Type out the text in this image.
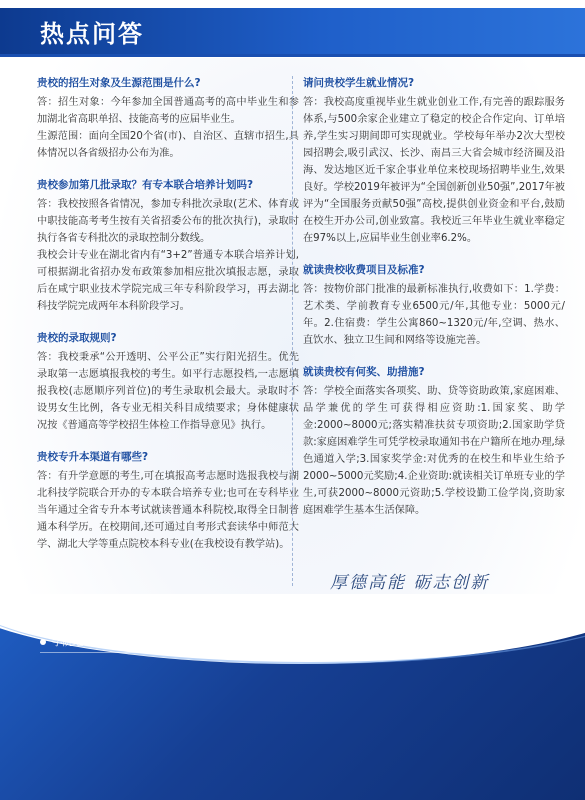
热点问答
贵校的招生对象及生源范围是什么?

答：招生对象：今年参加全国普通高考的高中毕业生和参加湖北省高职单招、技能高考的应届毕业生。

生源范围：面向全国20个省(市)、自治区、直辖市招生,具体情况以各省级招办公布为准。

贵校参加第几批录取？有专本联合培养计划吗?

答：我校按照各省情况，参加专科批次录取(艺术、体育或中职技能高考考生按有关省招委公布的批次执行)，录取时执行各省专科批次的录取控制分数线。

我校会计专业在湖北省内有“3+2”普通专本联合培养计划,可根据湖北省招办发布政策参加相应批次填报志愿，录取后在咸宁职业技术学院完成三年专科阶段学习，再去湖北科技学院完成两年本科阶段学习。

贵校的录取规则?

答：我校秉承“公开透明、公平公正”实行阳光招生。优先录取第一志愿填报我校的考生。如平行志愿投档,一志愿填报我校(志愿顺序列首位)的考生录取机会最大。录取时不设男女生比例，各专业无相关科目成绩要求；身体健康状况按《普通高等学校招生体检工作指导意见》执行。

贵校专升本渠道有哪些?

答：有升学意愿的考生,可在填报高考志愿时选报我校与湖北科技学院联合开办的专本联合培养专业;也可在专科毕业当年通过全省专升本考试就读普通本科院校,取得全日制普通本科学历。在校期间,还可通过自考形式套读华中师范大学、湖北大学等重点院校本科专业(在我校设有教学站)。

请问贵校学生就业情况?

答：我校高度重视毕业生就业创业工作,有完善的跟踪服务体系,与500余家企业建立了稳定的校企合作定向、订单培养,学生实习期间即可实现就业。学校每年举办2次大型校园招聘会,吸引武汉、长沙、南昌三大省会城市经济圈及沿海、发达地区近千家企事业单位来校现场招聘毕业生,效果良好。学校2019年被评为“全国创新创业50强”,2017年被评为“全国服务贡献50强”高校,提供创业资金和平台,鼓励在校生开办公司,创业致富。我校近三年毕业生就业率稳定在97%以上,应届毕业生创业率6.2%。

就读贵校收费项目及标准?

答：按物价部门批准的最新标准执行,收费如下：1.学费：艺术类、学前教育专业6500元/年,其他专业：5000元/年。2.住宿费：学生公寓860~1320元/年,空调、热水、直饮水、独立卫生间和网络等设施完善。

就读贵校有何奖、助措施?

答：学校全面落实各项奖、助、贷等资助政策,家庭困难、品学兼优的学生可获得相应资助:1.国家奖、助学金:2000~8000元;落实精准扶贫专项资助;2.国家助学贷款:家庭困难学生可凭学校录取通知书在户籍所在地办理,绿色通道入学;3.国家奖学金:对优秀的在校生和毕业生给予2000~5000元奖励;4.企业资助:就读相关订单班专业的学生,可获2000~8000元资助;5.学校设勤工俭学岗,资助家庭困难学生基本生活保障。

厚德高能 砺志创新
» 联系方式：
学院地址：湖北省咸宁市咸宁大道118号， 邮编：437100
